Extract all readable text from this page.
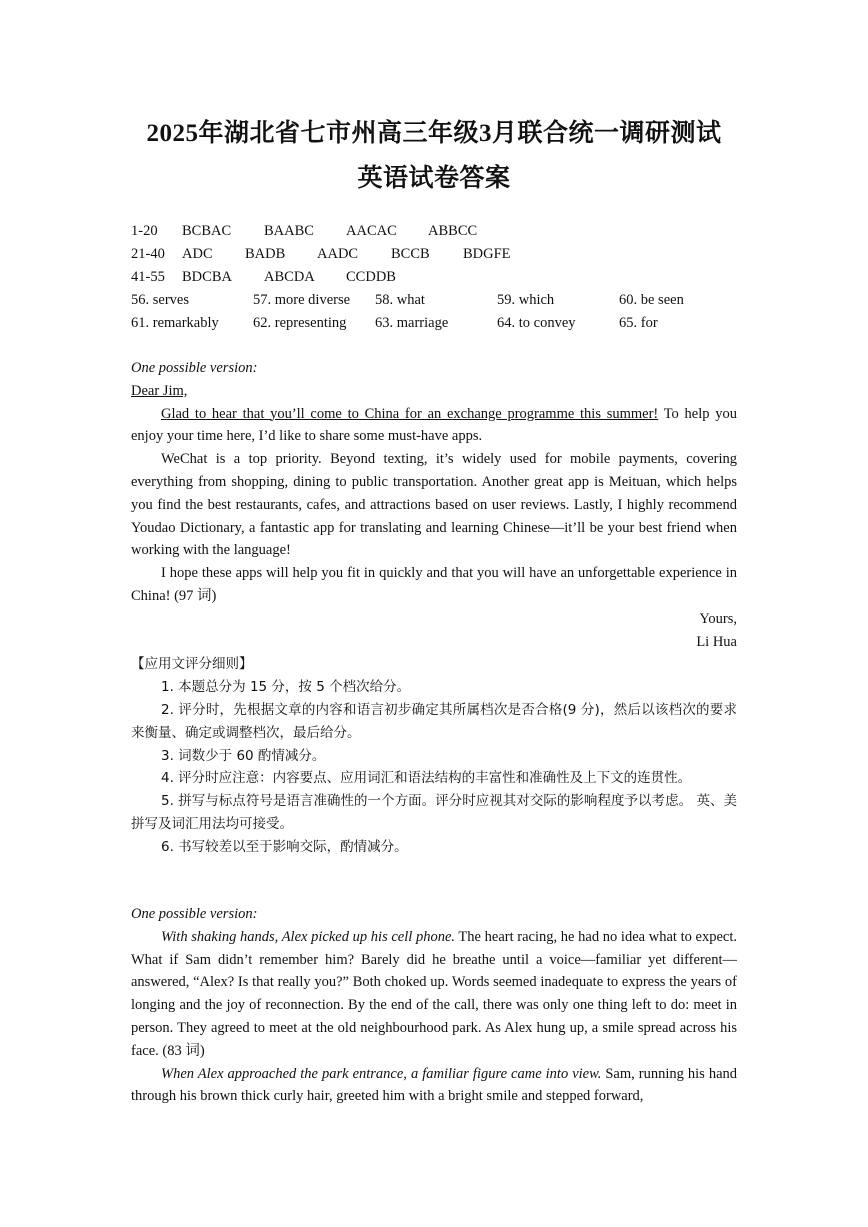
2025年湖北省七市州高三年级3月联合统一调研测试
英语试卷答案
1-20 BCBAC BAABC AACAC ABBCC
21-40 ADC BADB AADC BCCB BDGFE
41-55 BDCBA ABCDA CCDDB
56. serves	57. more diverse 58. what	59. which	60. be seen
61. remarkably 62. representing 63. marriage	64. to convey	65. for

One possible version:

Dear Jim,

Glad to hear that you’ll come to China for an exchange programme this summer! To help you enjoy your time here, I’d like to share some must-have apps.

WeChat is a top priority. Beyond texting, it’s widely used for mobile payments, covering everything from shopping, dining to public transportation. Another great app is Meituan, which helps you find the best restaurants, cafes, and attractions based on user reviews. Lastly, I highly recommend Youdao Dictionary, a fantastic app for translating and learning Chinese—it’ll be your best friend when working with the language!

I hope these apps will help you fit in quickly and that you will have an unforgettable experience in China! (97 词)

Yours,

Li Hua

【应用文评分细则】

1. 本题总分为 15 分，按 5 个档次给分。

2. 评分时，先根据文章的内容和语言初步确定其所属档次是否合格(9 分)，然后以该档次的要求来衡量、确定或调整档次，最后给分。

3. 词数少于 60 酌情减分。

4. 评分时应注意：内容要点、应用词汇和语法结构的丰富性和准确性及上下文的连贯性。

5. 拼写与标点符号是语言准确性的一个方面。评分时应视其对交际的影响程度予以考虑。 英、美拼写及词汇用法均可接受。

6. 书写较差以至于影响交际，酌情减分。

One possible version:

With shaking hands, Alex picked up his cell phone. The heart racing, he had no idea what to expect. What if Sam didn’t remember him? Barely did he breathe until a voice—familiar yet different—answered, “Alex? Is that really you?” Both choked up. Words seemed inadequate to express the years of longing and the joy of reconnection. By the end of the call, there was only one thing left to do: meet in person. They agreed to meet at the old neighbourhood park. As Alex hung up, a smile spread across his face. (83 词)

When Alex approached the park entrance, a familiar figure came into view. Sam, running his hand through his brown thick curly hair, greeted him with a bright smile and stepped forward,
